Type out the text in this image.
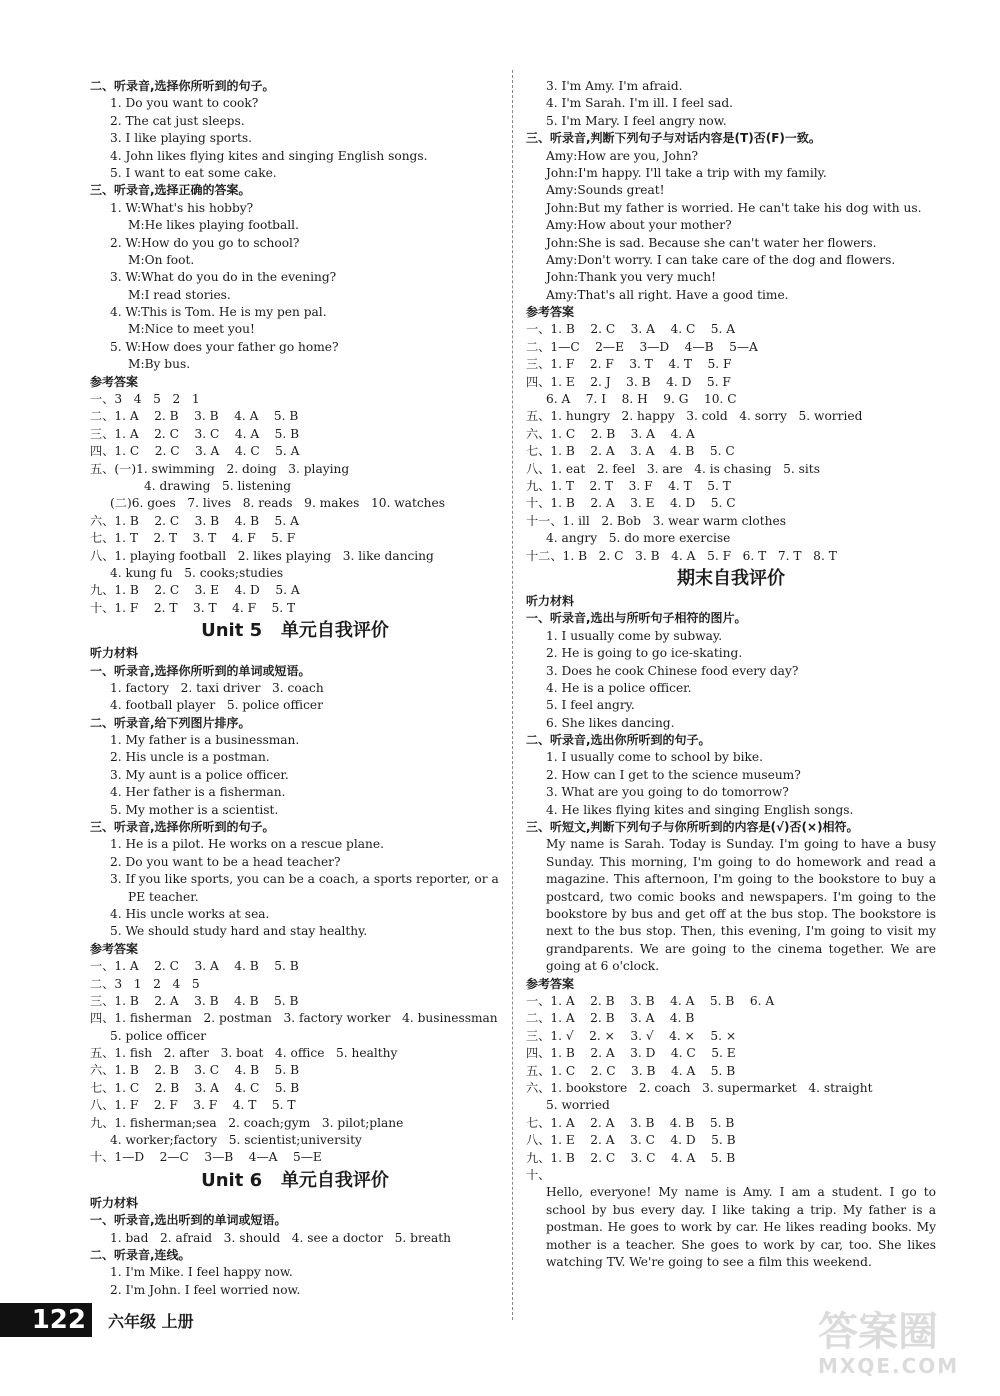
二、听录音,选择你所听到的句子。
1. Do you want to cook?
2. The cat just sleeps.
3. I like playing sports.
4. John likes flying kites and singing English songs.
5. I want to eat some cake.
三、听录音,选择正确的答案。
1. W:What's his hobby?
M:He likes playing football.
2. W:How do you go to school?
M:On foot.
3. W:What do you do in the evening?
M:I read stories.
4. W:This is Tom. He is my pen pal.
M:Nice to meet you!
5. W:How does your father go home?
M:By bus.
参考答案
一、3   4   5   2   1
二、1. A    2. B    3. B    4. A    5. B
三、1. A    2. C    3. C    4. A    5. B
四、1. C    2. C    3. A    4. C    5. A
五、(一)1. swimming   2. doing   3. playing
4. drawing   5. listening
(二)6. goes   7. lives   8. reads   9. makes   10. watches
六、1. B    2. C    3. B    4. B    5. A
七、1. T    2. T    3. T    4. F    5. F
八、1. playing football   2. likes playing   3. like dancing
4. kung fu   5. cooks;studies
九、1. B    2. C    3. E    4. D    5. A
十、1. F    2. T    3. T    4. F    5. T
Unit 5   单元自我评价
听力材料
一、听录音,选择你所听到的单词或短语。
1. factory   2. taxi driver   3. coach
4. football player   5. police officer
二、听录音,给下列图片排序。
1. My father is a businessman.
2. His uncle is a postman.
3. My aunt is a police officer.
4. Her father is a fisherman.
5. My mother is a scientist.
三、听录音,选择你所听到的句子。
1. He is a pilot. He works on a rescue plane.
2. Do you want to be a head teacher?
3. If you like sports, you can be a coach, a sports reporter, or a
PE teacher.
4. His uncle works at sea.
5. We should study hard and stay healthy.
参考答案
一、1. A    2. C    3. A    4. B    5. B
二、3   1   2   4   5
三、1. B    2. A    3. B    4. B    5. B
四、1. fisherman   2. postman   3. factory worker   4. businessman
5. police officer
五、1. fish   2. after   3. boat   4. office   5. healthy
六、1. B    2. B    3. C    4. B    5. B
七、1. C    2. B    3. A    4. C    5. B
八、1. F    2. F    3. F    4. T    5. T
九、1. fisherman;sea   2. coach;gym   3. pilot;plane
4. worker;factory   5. scientist;university
十、1—D    2—C    3—B    4—A    5—E
Unit 6   单元自我评价
听力材料
一、听录音,选出听到的单词或短语。
1. bad   2. afraid   3. should   4. see a doctor   5. breath
二、听录音,连线。
1. I'm Mike. I feel happy now.
2. I'm John. I feel worried now.
3. I'm Amy. I'm afraid.
4. I'm Sarah. I'm ill. I feel sad.
5. I'm Mary. I feel angry now.
三、听录音,判断下列句子与对话内容是(T)否(F)一致。
Amy:How are you, John?
John:I'm happy. I'll take a trip with my family.
Amy:Sounds great!
John:But my father is worried. He can't take his dog with us.
Amy:How about your mother?
John:She is sad. Because she can't water her flowers.
Amy:Don't worry. I can take care of the dog and flowers.
John:Thank you very much!
Amy:That's all right. Have a good time.
参考答案
一、1. B    2. C    3. A    4. C    5. A
二、1—C    2—E    3—D    4—B    5—A
三、1. F    2. F    3. T    4. T    5. F
四、1. E    2. J    3. B    4. D    5. F
6. A    7. I    8. H    9. G    10. C
五、1. hungry   2. happy   3. cold   4. sorry   5. worried
六、1. C    2. B    3. A    4. A
七、1. B    2. A    3. A    4. B    5. C
八、1. eat   2. feel   3. are   4. is chasing   5. sits
九、1. T    2. T    3. F    4. T    5. T
十、1. B    2. A    3. E    4. D    5. C
十一、1. ill   2. Bob   3. wear warm clothes
4. angry   5. do more exercise
十二、1. B   2. C   3. B   4. A   5. F   6. T   7. T   8. T
期末自我评价
听力材料
一、听录音,选出与所听句子相符的图片。
1. I usually come by subway.
2. He is going to go ice-skating.
3. Does he cook Chinese food every day?
4. He is a police officer.
5. I feel angry.
6. She likes dancing.
二、听录音,选出你所听到的句子。
1. I usually come to school by bike.
2. How can I get to the science museum?
3. What are you going to do tomorrow?
4. He likes flying kites and singing English songs.
三、听短文,判断下列句子与你所听到的内容是(√)否(×)相符。
My name is Sarah. Today is Sunday. I'm going to have a busy Sunday. This morning, I'm going to do homework and read a magazine. This afternoon, I'm going to the bookstore to buy a postcard, two comic books and newspapers. I'm going to the bookstore by bus and get off at the bus stop. The bookstore is next to the bus stop. Then, this evening, I'm going to visit my grandparents. We are going to the cinema together. We are going at 6 o'clock.
参考答案
一、1. A    2. B    3. B    4. A    5. B    6. A
二、1. A    2. B    3. A    4. B
三、1. √    2. ×    3. √    4. ×    5. ×
四、1. B    2. A    3. D    4. C    5. E
五、1. C    2. C    3. B    4. A    5. B
六、1. bookstore   2. coach   3. supermarket   4. straight
5. worried
七、1. A    2. A    3. B    4. B    5. B
八、1. E    2. A    3. C    4. D    5. B
九、1. B    2. C    3. C    4. A    5. B
十、
Hello, everyone! My name is Amy. I am a student. I go to school by bus every day. I like taking a trip. My father is a postman. He goes to work by car. He likes reading books. My mother is a teacher. She goes to work by car, too. She likes watching TV. We're going to see a film this weekend.
122	六年级 上册	答案圈
MXQE.COM
